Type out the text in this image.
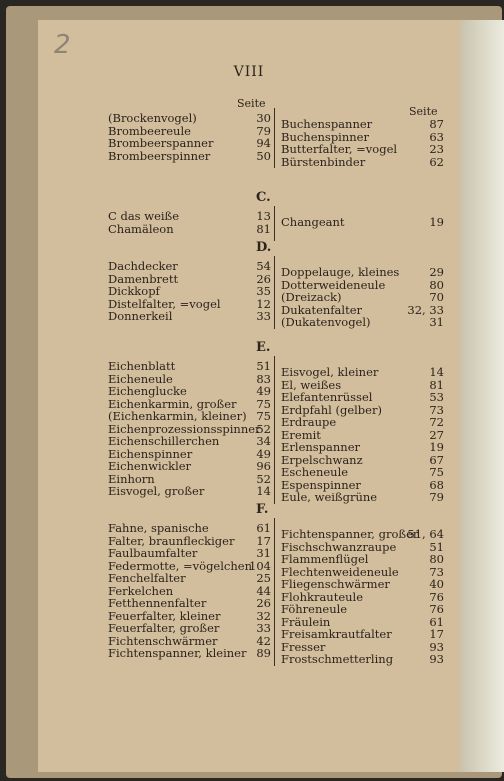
2
VIII
Seite
Seite
(Brockenvogel)
Brombeereule
Brombeerspanner
Brombeerspinner
30
79
94
50
Buchenspanner
Buchenspinner
Butterfalter, =vogel
Bürstenbinder
87
63
23
62
C.
C das weiße
Chamäleon
13
81 Changeant	19
D.
Dachdecker
Damenbrett
Dickkopf
Distelfalter, =vogel
Donnerkeil
54
26
35
12
33
Doppelauge, kleines
Dotterweideneule
(Dreizack)
Dukatenfalter
(Dukatenvogel)
29
80
70
32, 33
31
E.
Eichenblatt
Eicheneule
Eichenglucke
Eichenkarmin, großer
(Eichenkarmin, kleiner)
Eichenprozessionsspinner
Eichenschillerchen
Eichenspinner
Eichenwickler
Einhorn
Eisvogel, großer
51
83
49
75
75
52
34
49
96
52
14
Eisvogel, kleiner
El, weißes
Elefantenrüssel
Erdpfahl (gelber)
Erdraupe
Eremit
Erlenspanner
Erpelschwanz
Escheneule
Espenspinner
Eule, weißgrüne
14
81
53
73
72
27
19
67
75
68
79
F.
Fahne, spanische
Falter, braunfleckiger
Faulbaumfalter
Federmotte, =vögelchen
Fenchelfalter
Ferkelchen
Fetthennenfalter
Feuerfalter, kleiner
Feuerfalter, großer
Fichtenschwärmer
Fichtenspanner, kleiner
61
17
31
104
25
44
26
32
33
42
89
Fichtenspanner, großer
Fischschwanzraupe
Flammenflügel
Flechtenweideneule
Fliegenschwärmer
Flohkrauteule
Föhreneule
Fräulein
Freisamkrautfalter
Fresser
Frostschmetterling
51, 64
51
80
73
40
76
76
61
17
93
93
